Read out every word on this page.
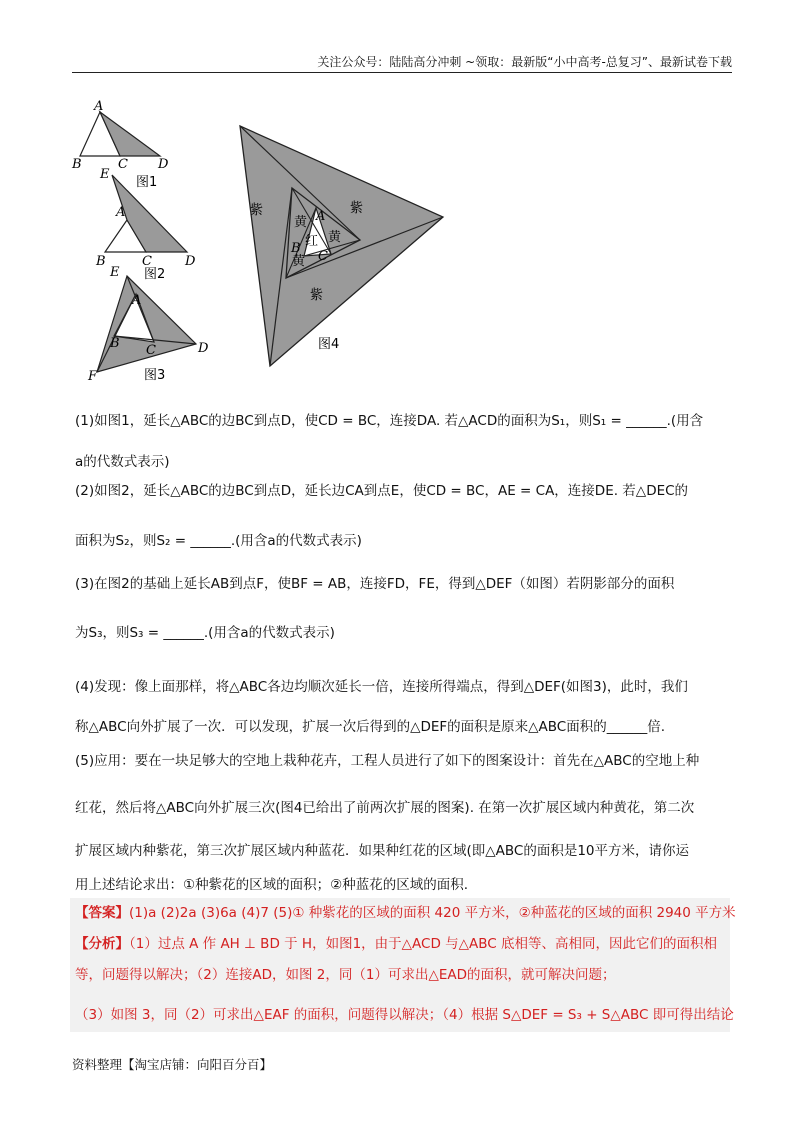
关注公众号：陆陆高分冲刺 ~领取：最新版“小中高考-总复习”、最新试卷下载
A
B	C D
图1
E
A
B	C	D
图2
E
A
B C	D
F	图3
紫	紫
紫
黄
黄
黄
红
A
B
C
图4
(1)如图1，延长△ABC的边BC到点D，使CD = BC，连接DA. 若△ACD的面积为S₁，则S₁ = ______.(用含
a的代数式表示)
(2)如图2，延长△ABC的边BC到点D，延长边CA到点E，使CD = BC，AE = CA，连接DE. 若△DEC的
面积为S₂，则S₂ = ______.(用含a的代数式表示)
(3)在图2的基础上延长AB到点F，使BF = AB，连接FD，FE，得到△DEF（如图）若阴影部分的面积
为S₃，则S₃ = ______.(用含a的代数式表示)
(4)发现：像上面那样，将△ABC各边均顺次延长一倍，连接所得端点，得到△DEF(如图3)，此时，我们
称△ABC向外扩展了一次．可以发现，扩展一次后得到的△DEF的面积是原来△ABC面积的______倍.
(5)应用：要在一块足够大的空地上栽种花卉，工程人员进行了如下的图案设计：首先在△ABC的空地上种
红花，然后将△ABC向外扩展三次(图4已给出了前两次扩展的图案). 在第一次扩展区域内种黄花，第二次
扩展区域内种紫花，第三次扩展区域内种蓝花．如果种红花的区域(即△ABC的面积是10平方米，请你运
用上述结论求出：①种紫花的区域的面积；②种蓝花的区域的面积.
【答案】(1)a (2)2a (3)6a (4)7 (5)① 种紫花的区域的面积 420 平方米，②种蓝花的区域的面积 2940 平方米
【分析】（1）过点 A 作 AH ⊥ BD 于 H，如图1，由于△ACD 与△ABC 底相等、高相同，因此它们的面积相
等，问题得以解决；（2）连接AD，如图 2，同（1）可求出△EAD的面积，就可解决问题；
（3）如图 3，同（2）可求出△EAF 的面积，问题得以解决；（4）根据 S△DEF = S₃ + S△ABC 即可得出结论
资料整理【淘宝店铺：向阳百分百】
